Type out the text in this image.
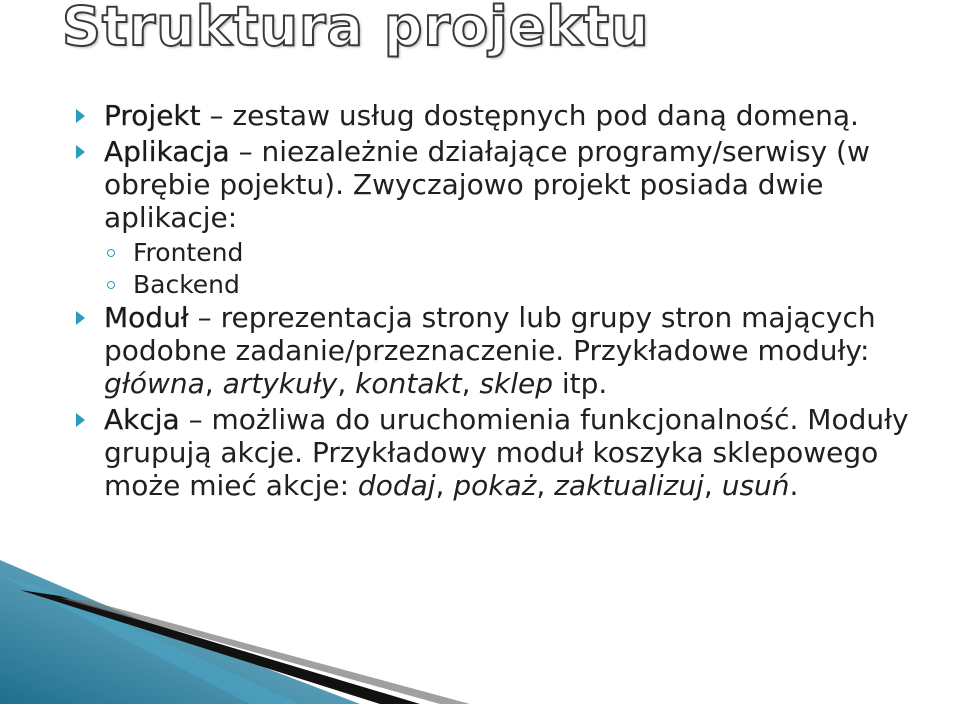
Struktura projektu
Projekt – zestaw usług dostępnych pod daną domeną.
Aplikacja – niezależnie działające programy/serwisy (w obrębie pojektu). Zwyczajowo projekt posiada dwie aplikacje:
Frontend
Backend
Moduł – reprezentacja strony lub grupy stron mających podobne zadanie/przeznaczenie. Przykładowe moduły: główna, artykuły, kontakt, sklep itp.
Akcja – możliwa do uruchomienia funkcjonalność. Moduły grupują akcje. Przykładowy moduł koszyka sklepowego może mieć akcje: dodaj, pokaż, zaktualizuj, usuń.
